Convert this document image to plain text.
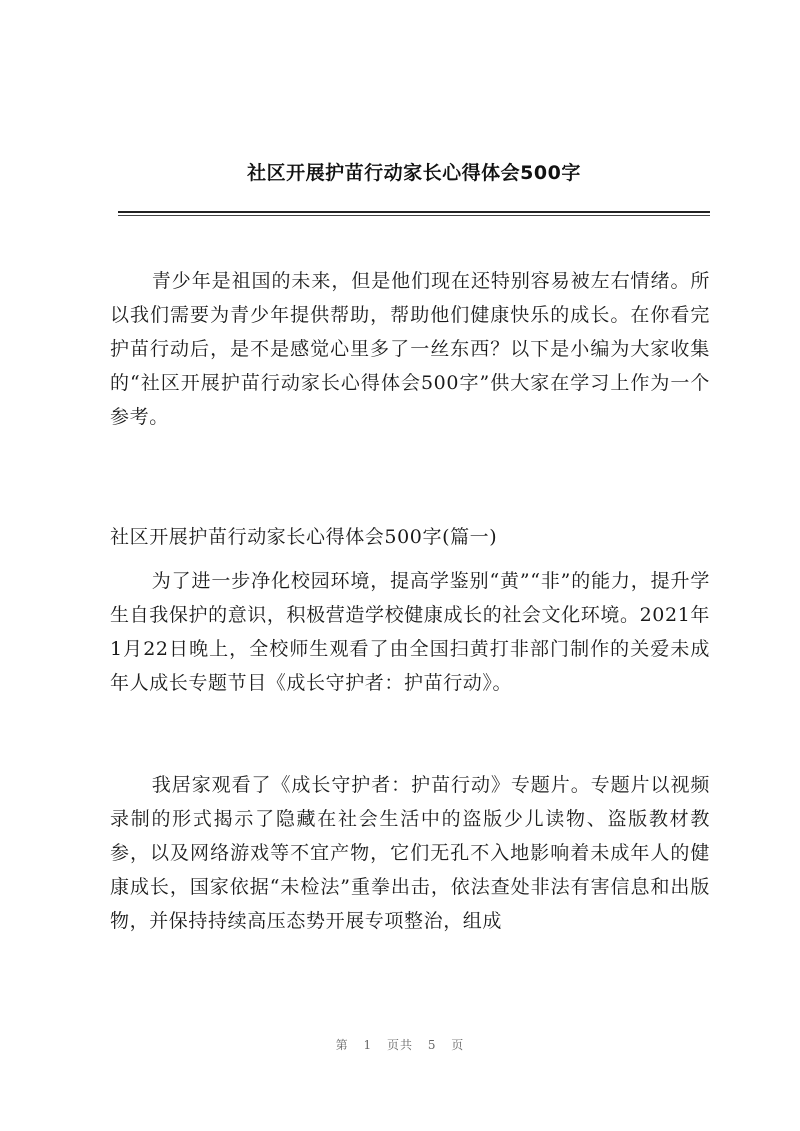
社区开展护苗行动家长心得体会500字

青少年是祖国的未来，但是他们现在还特别容易被左右情绪。所以我们需要为青少年提供帮助，帮助他们健康快乐的成长。在你看完护苗行动后，是不是感觉心里多了一丝东西？以下是小编为大家收集的“社区开展护苗行动家长心得体会500字”供大家在学习上作为一个参考。

社区开展护苗行动家长心得体会500字(篇一)

为了进一步净化校园环境，提高学鉴别“黄”“非”的能力，提升学生自我保护的意识，积极营造学校健康成长的社会文化环境。2021年1月22日晚上，全校师生观看了由全国扫黄打非部门制作的关爱未成年人成长专题节目《成长守护者：护苗行动》。

我居家观看了《成长守护者：护苗行动》专题片。专题片以视频录制的形式揭示了隐藏在社会生活中的盗版少儿读物、盗版教材教参，以及网络游戏等不宜产物，它们无孔不入地影响着未成年人的健康成长，国家依据“未检法”重拳出击，依法查处非法有害信息和出版物，并保持持续高压态势开展专项整治，组成

第 1 页共 5 页
